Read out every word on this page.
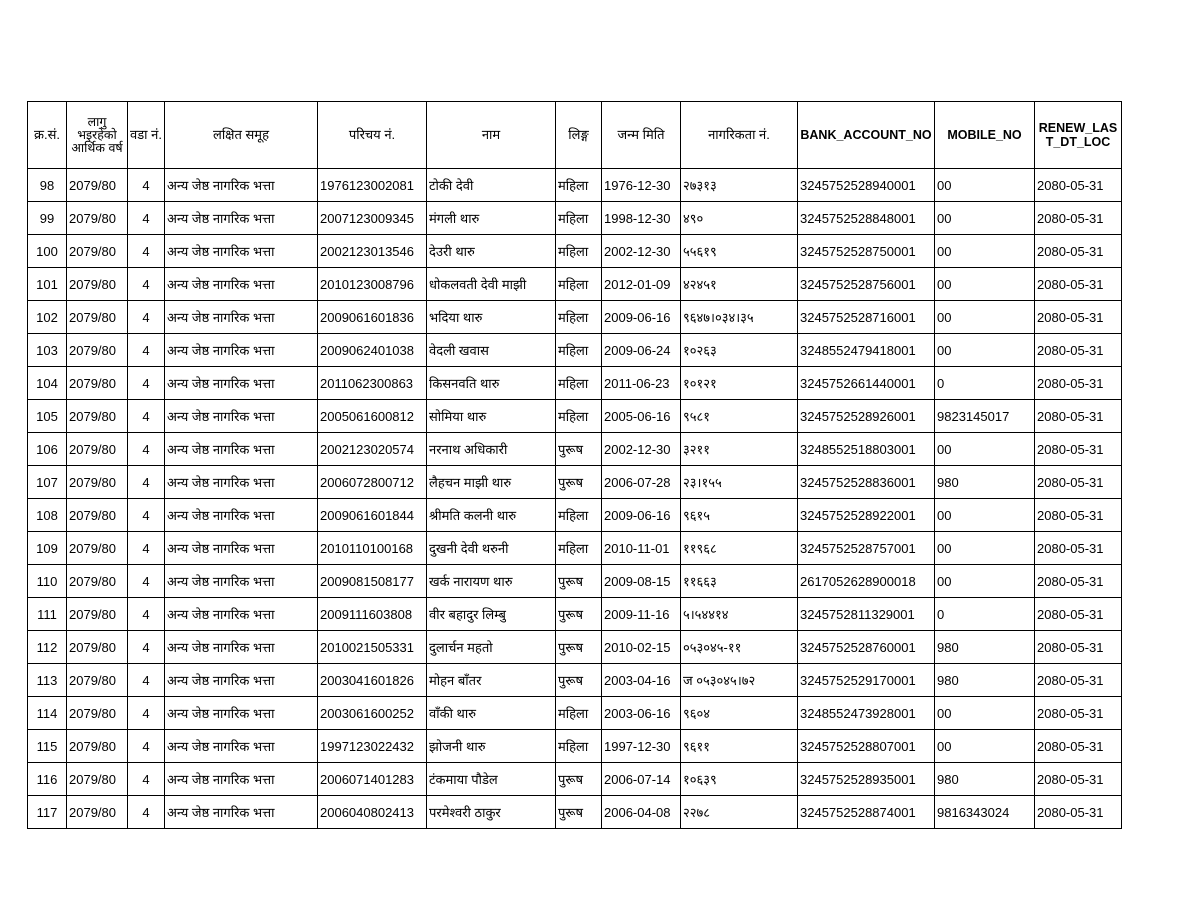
क्र.सं.	लागु भइरहेको आर्थिक वर्ष	वडा नं.	लक्षित समूह	परिचय नं.	नाम	लिङ्ग	जन्म मिति	नागरिकता नं.	BANK_ACCOUNT_NO	MOBILE_NO	RENEW_LAST_DT_LOC
98	2079/80	4	अन्य जेष्ठ नागरिक भत्ता	1976123002081	टोकी देवी	महिला	1976-12-30	२७३१३	3245752528940001	00	2080-05-31
99	2079/80	4	अन्य जेष्ठ नागरिक भत्ता	2007123009345	मंगली थारु	महिला	1998-12-30	४९०	3245752528848001	00	2080-05-31
100	2079/80	4	अन्य जेष्ठ नागरिक भत्ता	2002123013546	देउरी थारु	महिला	2002-12-30	५५६१९	3245752528750001	00	2080-05-31
101	2079/80	4	अन्य जेष्ठ नागरिक भत्ता	2010123008796	धोकलवती देवी माझी	महिला	2012-01-09	४२४५१	3245752528756001	00	2080-05-31
102	2079/80	4	अन्य जेष्ठ नागरिक भत्ता	2009061601836	भदिया थारु	महिला	2009-06-16	९६४७।०३४।३५	3245752528716001	00	2080-05-31
103	2079/80	4	अन्य जेष्ठ नागरिक भत्ता	2009062401038	वेदली खवास	महिला	2009-06-24	१०२६३	3248552479418001	00	2080-05-31
104	2079/80	4	अन्य जेष्ठ नागरिक भत्ता	2011062300863	किसनवति थारु	महिला	2011-06-23	१०१२१	3245752661440001	0	2080-05-31
105	2079/80	4	अन्य जेष्ठ नागरिक भत्ता	2005061600812	सोमिया थारु	महिला	2005-06-16	९५८१	3245752528926001	9823145017	2080-05-31
106	2079/80	4	अन्य जेष्ठ नागरिक भत्ता	2002123020574	नरनाथ अधिकारी	पुरूष	2002-12-30	३२११	3248552518803001	00	2080-05-31
107	2079/80	4	अन्य जेष्ठ नागरिक भत्ता	2006072800712	लैहचन माझी थारु	पुरूष	2006-07-28	२३।१५५	3245752528836001	980	2080-05-31
108	2079/80	4	अन्य जेष्ठ नागरिक भत्ता	2009061601844	श्रीमति कलनी थारु	महिला	2009-06-16	९६१५	3245752528922001	00	2080-05-31
109	2079/80	4	अन्य जेष्ठ नागरिक भत्ता	2010110100168	दुखनी देवी थरुनी	महिला	2010-11-01	११९६८	3245752528757001	00	2080-05-31
110	2079/80	4	अन्य जेष्ठ नागरिक भत्ता	2009081508177	खर्क नारायण थारु	पुरूष	2009-08-15	११६६३	2617052628900018	00	2080-05-31
111	2079/80	4	अन्य जेष्ठ नागरिक भत्ता	2009111603808	वीर बहादुर लिम्बु	पुरूष	2009-11-16	५।५४४१४	3245752811329001	0	2080-05-31
112	2079/80	4	अन्य जेष्ठ नागरिक भत्ता	2010021505331	दुलार्चन महतो	पुरूष	2010-02-15	०५३०४५-११	3245752528760001	980	2080-05-31
113	2079/80	4	अन्य जेष्ठ नागरिक भत्ता	2003041601826	मोहन बाँतर	पुरूष	2003-04-16	ज ०५३०४५।७२	3245752529170001	980	2080-05-31
114	2079/80	4	अन्य जेष्ठ नागरिक भत्ता	2003061600252	वाँकी थारु	महिला	2003-06-16	९६०४	3248552473928001	00	2080-05-31
115	2079/80	4	अन्य जेष्ठ नागरिक भत्ता	1997123022432	झोजनी थारु	महिला	1997-12-30	९६११	3245752528807001	00	2080-05-31
116	2079/80	4	अन्य जेष्ठ नागरिक भत्ता	2006071401283	टंकमाया पौडेल	पुरूष	2006-07-14	१०६३९	3245752528935001	980	2080-05-31
117	2079/80	4	अन्य जेष्ठ नागरिक भत्ता	2006040802413	परमेश्वरी ठाकुर	पुरूष	2006-04-08	२२७८	3245752528874001	9816343024	2080-05-31
